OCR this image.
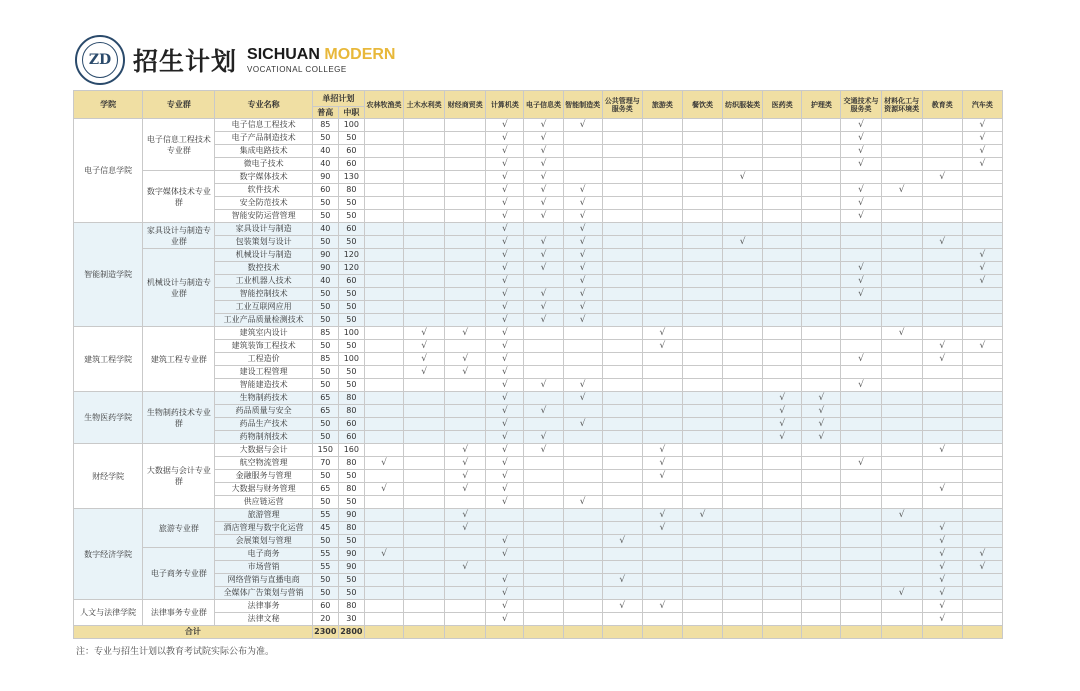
ZD 招生计划 SICHUAN MODERN
VOCATIONAL COLLEGE
学院	专业群	专业名称	单招计划		农林牧渔类	土木水利类	财经商贸类	计算机类	电子信息类	智能制造类	公共管理与服务类	旅游类	餐饮类	纺织服装类	医药类	护理类	交通技术与服务类	材料化工与资源环境类	教育类	汽车类

			普高	中职																
电子信息学院	电子信息工程技术专业群	电子信息工程技术	85	100				√	√	√							√			√
		电子产品制造技术	50	50				√	√								√			√
		集成电路技术	40	60				√	√								√			√
		微电子技术	40	60				√	√								√			√
	数字媒体技术专业群	数字媒体技术	90	130				√	√					√					√	
		软件技术	60	80				√	√	√							√	√		
		安全防范技术	50	50				√	√	√							√			
		智能安防运营管理	50	50				√	√	√							√			
智能制造学院	家具设计与制造专业群	家具设计与制造	40	60				√		√										
		包装策划与设计	50	50				√	√	√				√					√	
	机械设计与制造专业群	机械设计与制造	90	120				√	√	√										√
		数控技术	90	120				√	√	√							√			√
		工业机器人技术	40	60				√		√							√			√
		智能控制技术	50	50				√	√	√							√			
		工业互联网应用	50	50				√	√	√										
		工业产品质量检测技术	50	50				√	√	√										
建筑工程学院	建筑工程专业群	建筑室内设计	85	100		√	√	√				√						√		
		建筑装饰工程技术	50	50		√		√				√							√	√
		工程造价	85	100		√	√	√									√		√	
		建设工程管理	50	50		√	√	√												
		智能建造技术	50	50				√	√	√							√			
生物医药学院	生物制药技术专业群	生物制药技术	65	80				√		√					√	√				
		药品质量与安全	65	80				√	√						√	√				
		药品生产技术	50	60				√		√					√	√				
		药物制剂技术	50	60				√	√						√	√				
财经学院	大数据与会计专业群	大数据与会计	150	160			√	√	√			√							√	
		航空物流管理	70	80	√		√	√				√					√			
		金融服务与管理	50	50			√	√				√								
		大数据与财务管理	65	80	√		√	√											√	
		供应链运营	50	50				√		√										
数字经济学院	旅游专业群	旅游管理	55	90			√					√	√					√		
		酒店管理与数字化运营	45	80			√					√							√	
		会展策划与管理	50	50				√			√								√	
	电子商务专业群	电子商务	55	90	√			√											√	√
		市场营销	55	90			√												√	√
		网络营销与直播电商	50	50				√			√								√	
		全媒体广告策划与营销	50	50				√										√	√	
人文与法律学院	法律事务专业群	法律事务	60	80				√			√	√							√	
		法律文秘	20	30				√											√	
合计			2300	2800																
注：专业与招生计划以教育考试院实际公布为准。
